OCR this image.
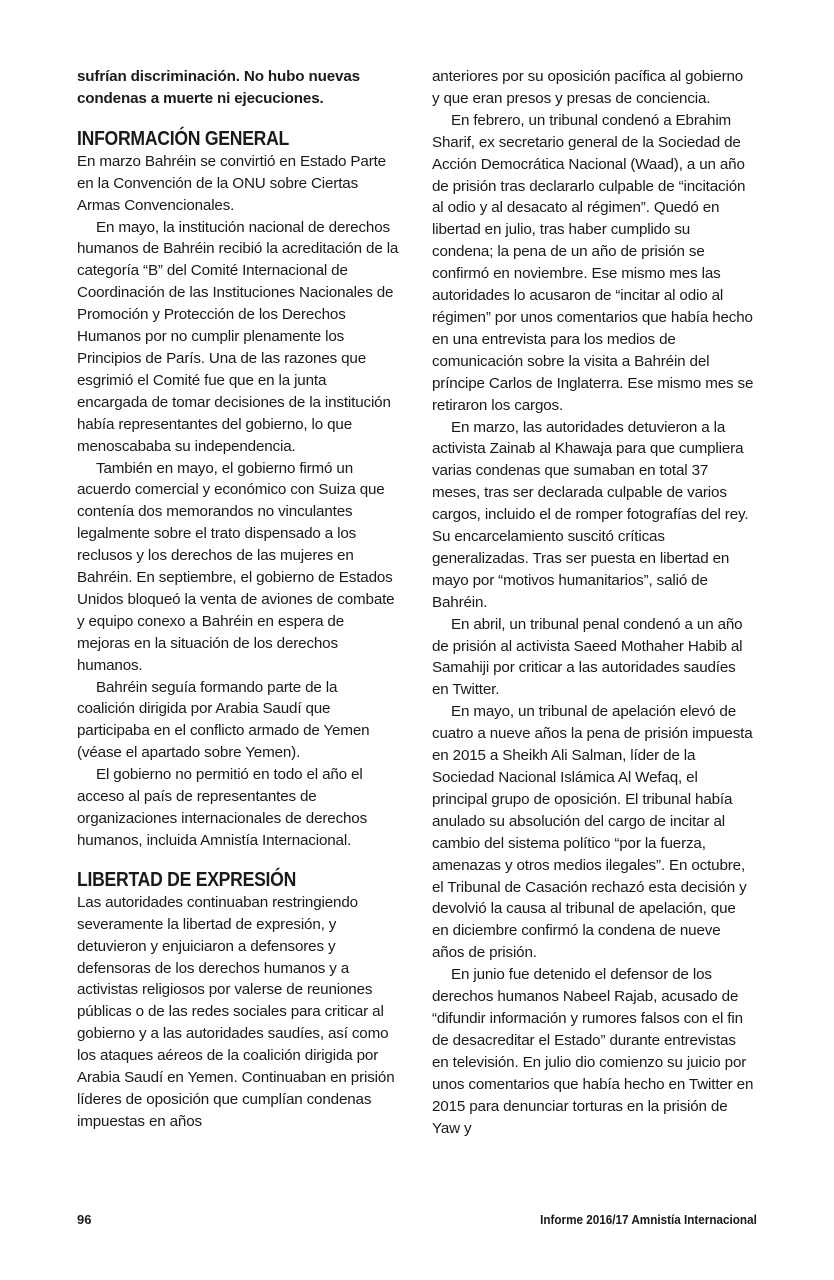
sufrían discriminación. No hubo nuevas condenas a muerte ni ejecuciones.

INFORMACIÓN GENERAL

En marzo Bahréin se convirtió en Estado Parte en la Convención de la ONU sobre Ciertas Armas Convencionales.

En mayo, la institución nacional de derechos humanos de Bahréin recibió la acreditación de la categoría “B” del Comité Internacional de Coordinación de las Instituciones Nacionales de Promoción y Protección de los Derechos Humanos por no cumplir plenamente los Principios de París. Una de las razones que esgrimió el Comité fue que en la junta encargada de tomar decisiones de la institución había representantes del gobierno, lo que menoscababa su independencia.

También en mayo, el gobierno firmó un acuerdo comercial y económico con Suiza que contenía dos memorandos no vinculantes legalmente sobre el trato dispensado a los reclusos y los derechos de las mujeres en Bahréin. En septiembre, el gobierno de Estados Unidos bloqueó la venta de aviones de combate y equipo conexo a Bahréin en espera de mejoras en la situación de los derechos humanos.

Bahréin seguía formando parte de la coalición dirigida por Arabia Saudí que participaba en el conflicto armado de Yemen (véase el apartado sobre Yemen).

El gobierno no permitió en todo el año el acceso al país de representantes de organizaciones internacionales de derechos humanos, incluida Amnistía Internacional.

LIBERTAD DE EXPRESIÓN

Las autoridades continuaban restringiendo severamente la libertad de expresión, y detuvieron y enjuiciaron a defensores y defensoras de los derechos humanos y a activistas religiosos por valerse de reuniones públicas o de las redes sociales para criticar al gobierno y a las autoridades saudíes, así como los ataques aéreos de la coalición dirigida por Arabia Saudí en Yemen. Continuaban en prisión líderes de oposición que cumplían condenas impuestas en años

anteriores por su oposición pacífica al gobierno y que eran presos y presas de conciencia.

En febrero, un tribunal condenó a Ebrahim Sharif, ex secretario general de la Sociedad de Acción Democrática Nacional (Waad), a un año de prisión tras declararlo culpable de “incitación al odio y al desacato al régimen”. Quedó en libertad en julio, tras haber cumplido su condena; la pena de un año de prisión se confirmó en noviembre. Ese mismo mes las autoridades lo acusaron de “incitar al odio al régimen” por unos comentarios que había hecho en una entrevista para los medios de comunicación sobre la visita a Bahréin del príncipe Carlos de Inglaterra. Ese mismo mes se retiraron los cargos.

En marzo, las autoridades detuvieron a la activista Zainab al Khawaja para que cumpliera varias condenas que sumaban en total 37 meses, tras ser declarada culpable de varios cargos, incluido el de romper fotografías del rey. Su encarcelamiento suscitó críticas generalizadas. Tras ser puesta en libertad en mayo por “motivos humanitarios”, salió de Bahréin.

En abril, un tribunal penal condenó a un año de prisión al activista Saeed Mothaher Habib al Samahiji por criticar a las autoridades saudíes en Twitter.

En mayo, un tribunal de apelación elevó de cuatro a nueve años la pena de prisión impuesta en 2015 a Sheikh Ali Salman, líder de la Sociedad Nacional Islámica Al Wefaq, el principal grupo de oposición. El tribunal había anulado su absolución del cargo de incitar al cambio del sistema político “por la fuerza, amenazas y otros medios ilegales”. En octubre, el Tribunal de Casación rechazó esta decisión y devolvió la causa al tribunal de apelación, que en diciembre confirmó la condena de nueve años de prisión.

En junio fue detenido el defensor de los derechos humanos Nabeel Rajab, acusado de “difundir información y rumores falsos con el fin de desacreditar el Estado” durante entrevistas en televisión. En julio dio comienzo su juicio por unos comentarios que había hecho en Twitter en 2015 para denunciar torturas en la prisión de Yaw y

96	Informe 2016/17 Amnistía Internacional
